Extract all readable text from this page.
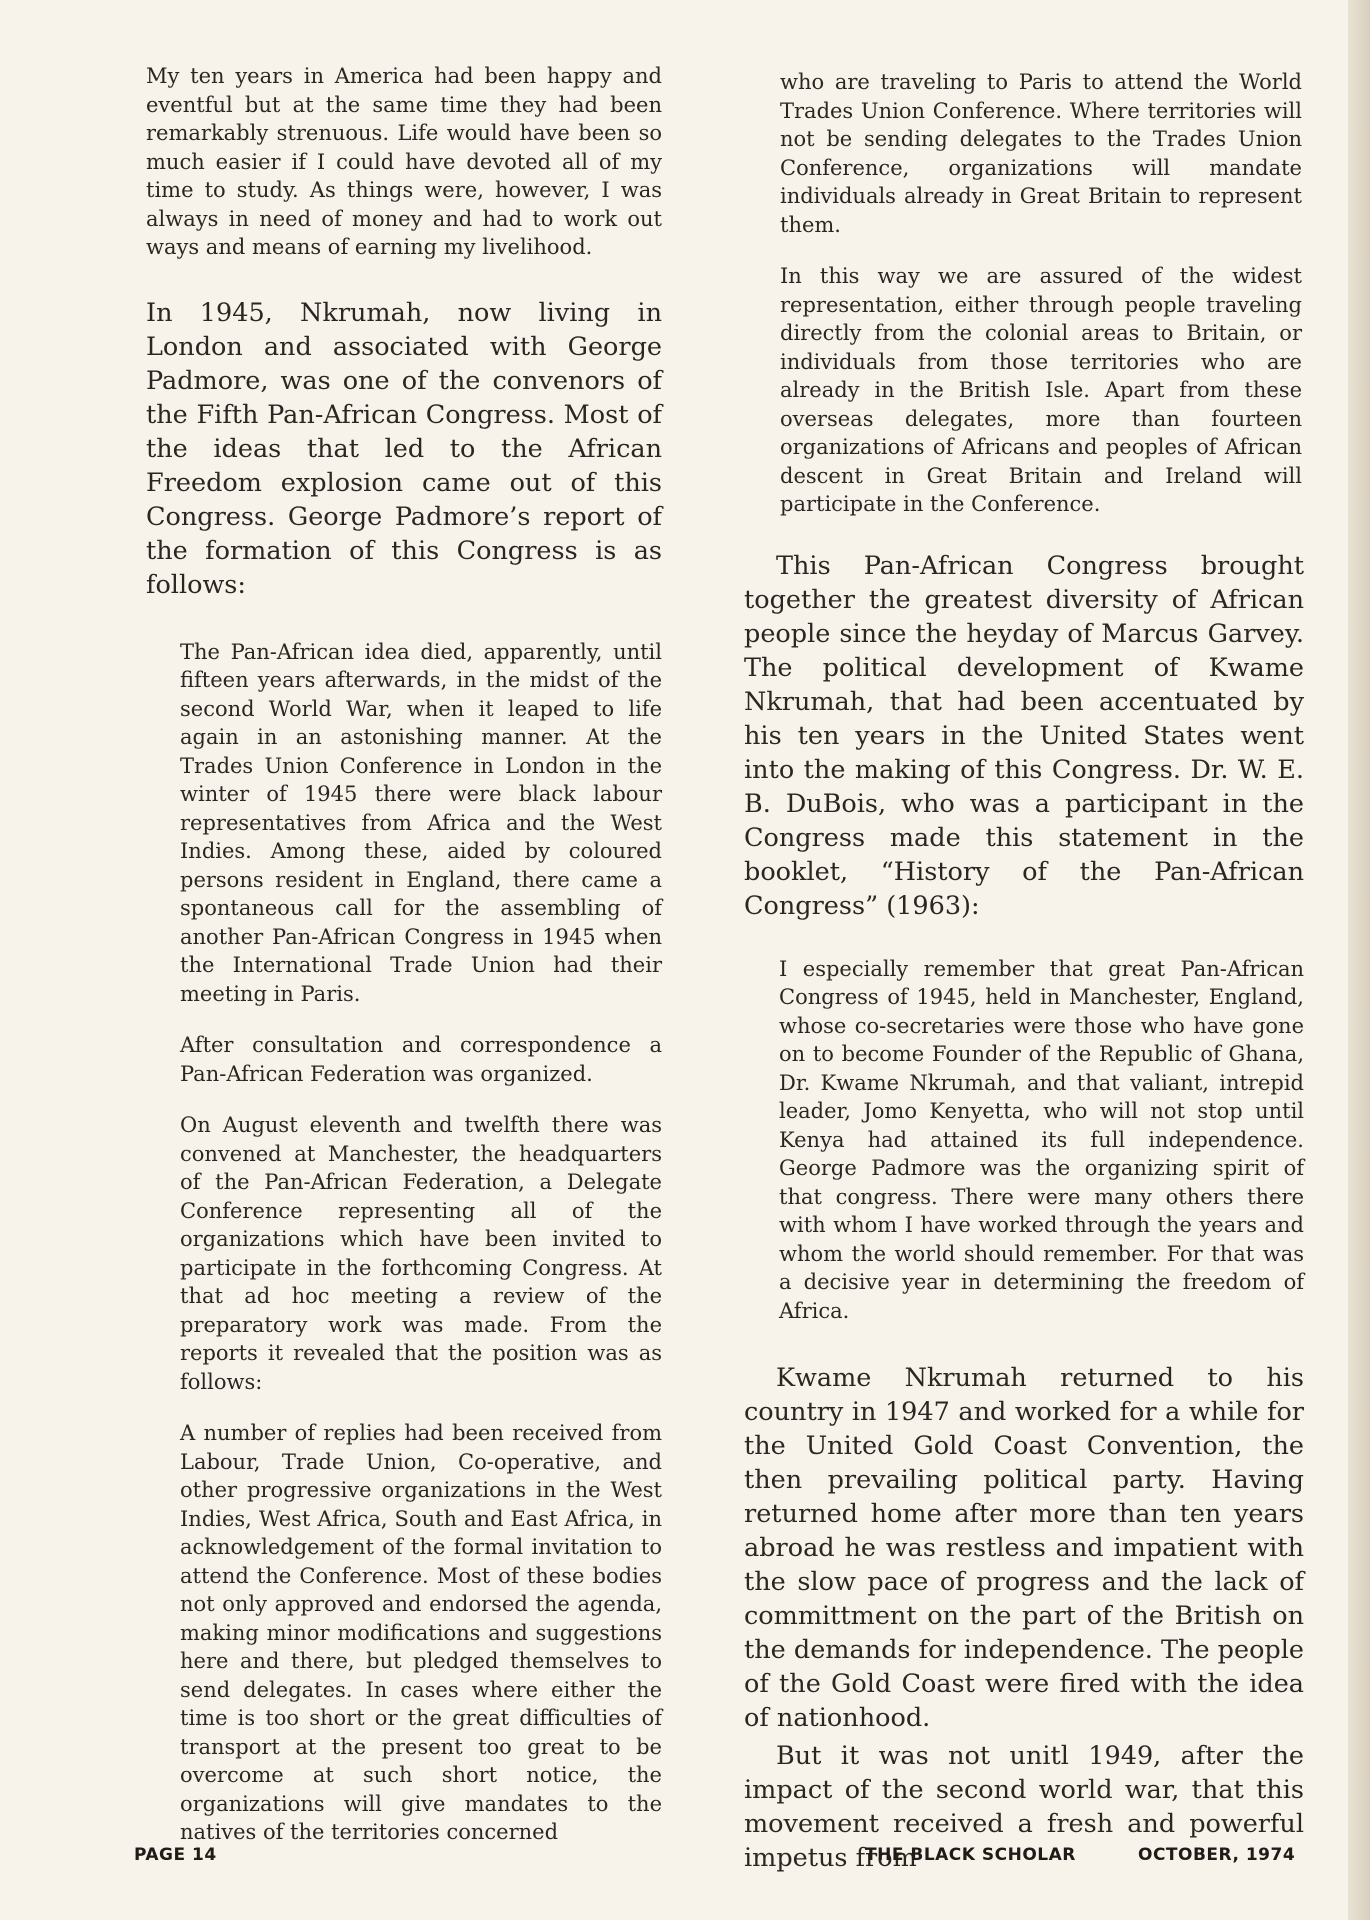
My ten years in America had been happy and eventful but at the same time they had been remarkably strenuous. Life would have been so much easier if I could have devoted all of my time to study. As things were, however, I was always in need of money and had to work out ways and means of earning my livelihood.

In 1945, Nkrumah, now living in London and associated with George Padmore, was one of the convenors of the Fifth Pan-African Congress. Most of the ideas that led to the African Freedom explosion came out of this Congress. George Padmore’s report of the formation of this Congress is as follows:

The Pan-African idea died, apparently, until fifteen years afterwards, in the midst of the second World War, when it leaped to life again in an astonishing manner. At the Trades Union Conference in London in the winter of 1945 there were black labour representatives from Africa and the West Indies. Among these, aided by coloured persons resident in England, there came a spontaneous call for the assembling of another Pan-African Congress in 1945 when the International Trade Union had their meeting in Paris.

After consultation and correspondence a Pan-African Federation was organized.

On August eleventh and twelfth there was convened at Manchester, the headquarters of the Pan-African Federation, a Delegate Conference representing all of the organizations which have been invited to participate in the forthcoming Congress. At that ad hoc meeting a review of the preparatory work was made. From the reports it revealed that the position was as follows:

A number of replies had been received from Labour, Trade Union, Co-operative, and other progressive organizations in the West Indies, West Africa, South and East Africa, in acknowledgement of the formal invitation to attend the Conference. Most of these bodies not only approved and endorsed the agenda, making minor modifications and suggestions here and there, but pledged themselves to send delegates. In cases where either the time is too short or the great difficulties of transport at the present too great to be overcome at such short notice, the organizations will give mandates to the natives of the territories concerned

who are traveling to Paris to attend the World Trades Union Conference. Where territories will not be sending delegates to the Trades Union Conference, organizations will mandate individuals already in Great Britain to represent them.

In this way we are assured of the widest representation, either through people traveling directly from the colonial areas to Britain, or individuals from those territories who are already in the British Isle. Apart from these overseas delegates, more than fourteen organizations of Africans and peoples of African descent in Great Britain and Ireland will participate in the Conference.

This Pan-African Congress brought together the greatest diversity of African people since the heyday of Marcus Garvey. The political development of Kwame Nkrumah, that had been accentuated by his ten years in the United States went into the making of this Congress. Dr. W. E. B. DuBois, who was a participant in the Congress made this statement in the booklet, “History of the Pan-African Congress” (1963):

I especially remember that great Pan-African Congress of 1945, held in Manchester, England, whose co-secretaries were those who have gone on to become Founder of the Republic of Ghana, Dr. Kwame Nkrumah, and that valiant, intrepid leader, Jomo Kenyetta, who will not stop until Kenya had attained its full independence. George Padmore was the organizing spirit of that congress. There were many others there with whom I have worked through the years and whom the world should remember. For that was a decisive year in determining the freedom of Africa.

Kwame Nkrumah returned to his country in 1947 and worked for a while for the United Gold Coast Convention, the then prevailing political party. Having returned home after more than ten years abroad he was restless and impatient with the slow pace of progress and the lack of committment on the part of the British on the demands for independence. The people of the Gold Coast were fired with the idea of nationhood.

But it was not unitl 1949, after the impact of the second world war, that this movement received a fresh and powerful impetus from

PAGE 14	THE BLACK SCHOLAR	OCTOBER, 1974
